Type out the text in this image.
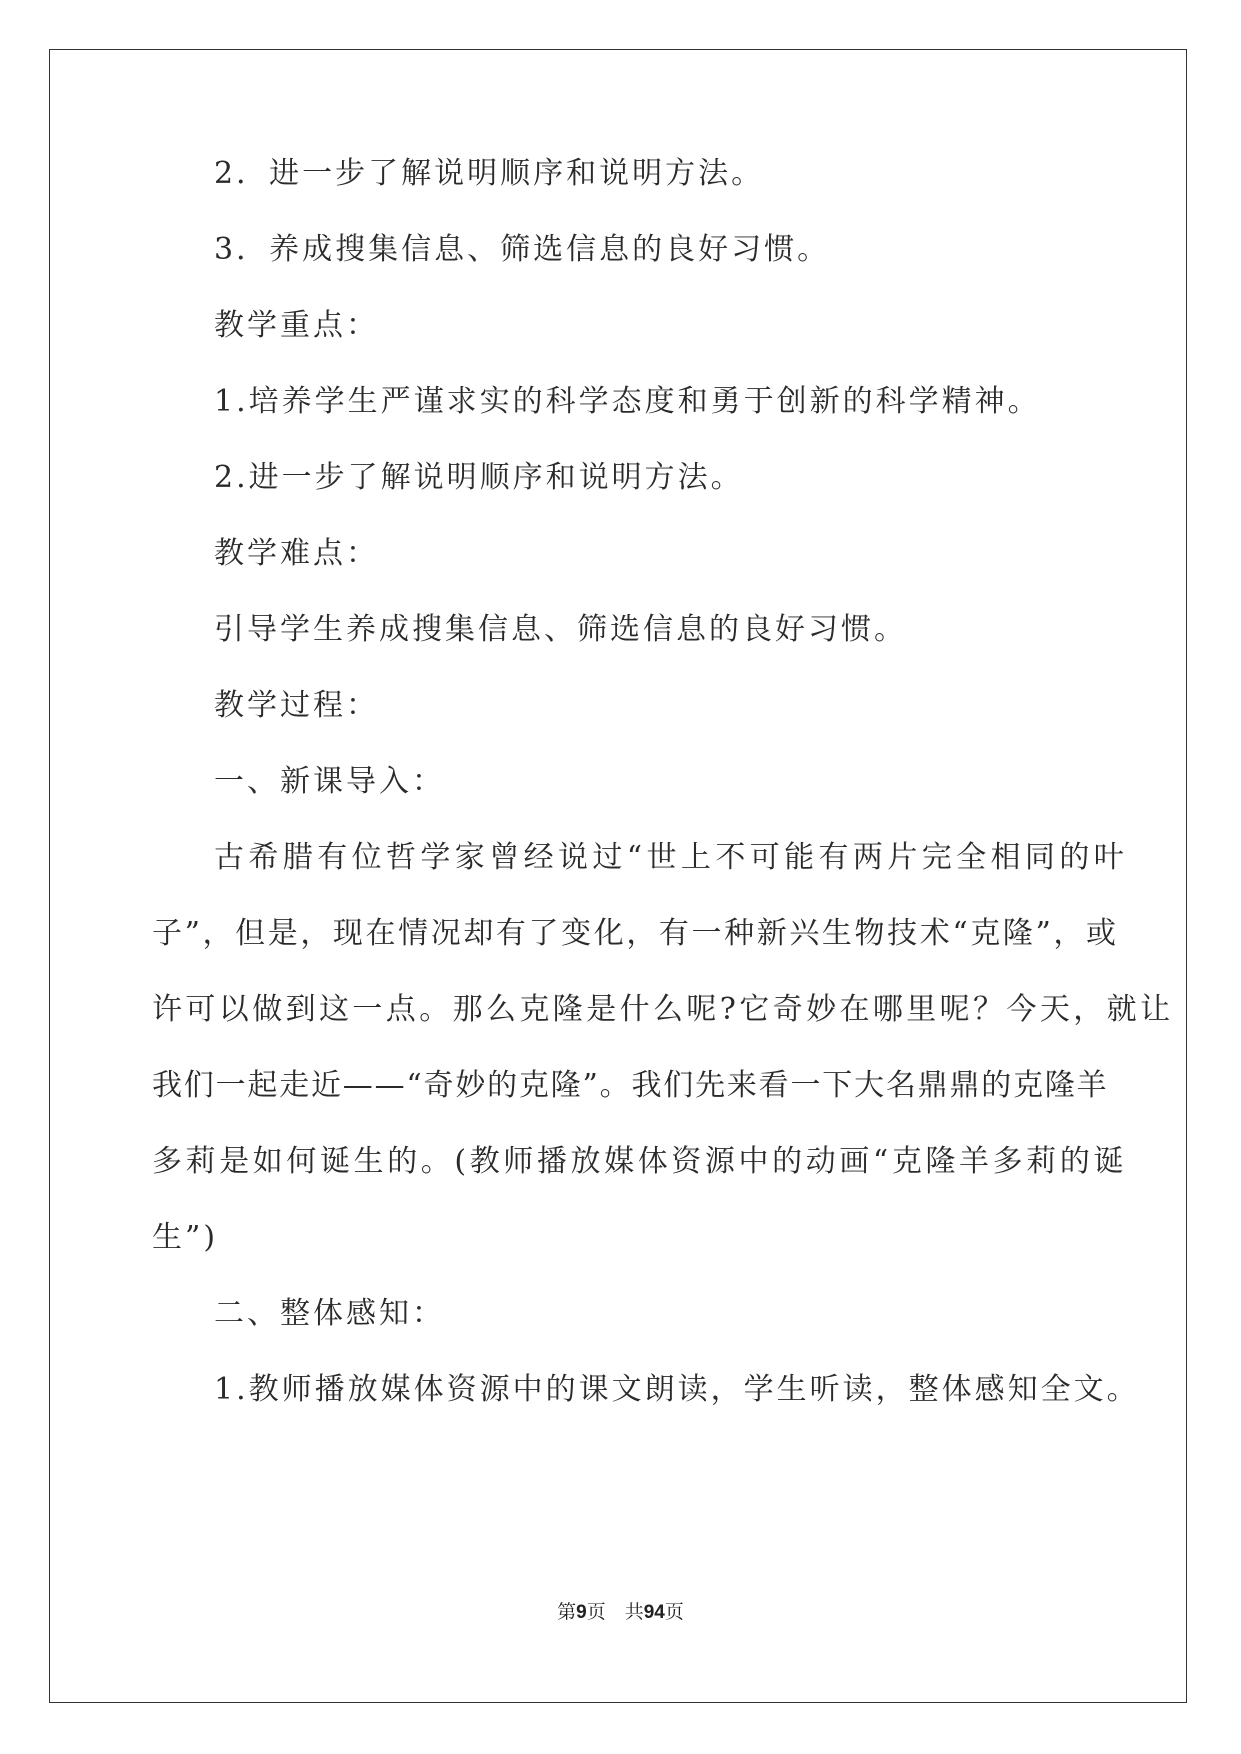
2．进一步了解说明顺序和说明方法。

3．养成搜集信息、筛选信息的良好习惯。

教学重点：

1.培养学生严谨求实的科学态度和勇于创新的科学精神。

2.进一步了解说明顺序和说明方法。

教学难点：

引导学生养成搜集信息、筛选信息的良好习惯。

教学过程：

一、新课导入：

古希腊有位哲学家曾经说过“世上不可能有两片完全相同的叶

子”，但是，现在情况却有了变化，有一种新兴生物技术“克隆”，或

许可以做到这一点。那么克隆是什么呢?它奇妙在哪里呢？今天，就让

我们一起走近——“奇妙的克隆”。我们先来看一下大名鼎鼎的克隆羊

多莉是如何诞生的。(教师播放媒体资源中的动画“克隆羊多莉的诞

生”)

二、整体感知：

1.教师播放媒体资源中的课文朗读，学生听读，整体感知全文。

第9页　共94页
